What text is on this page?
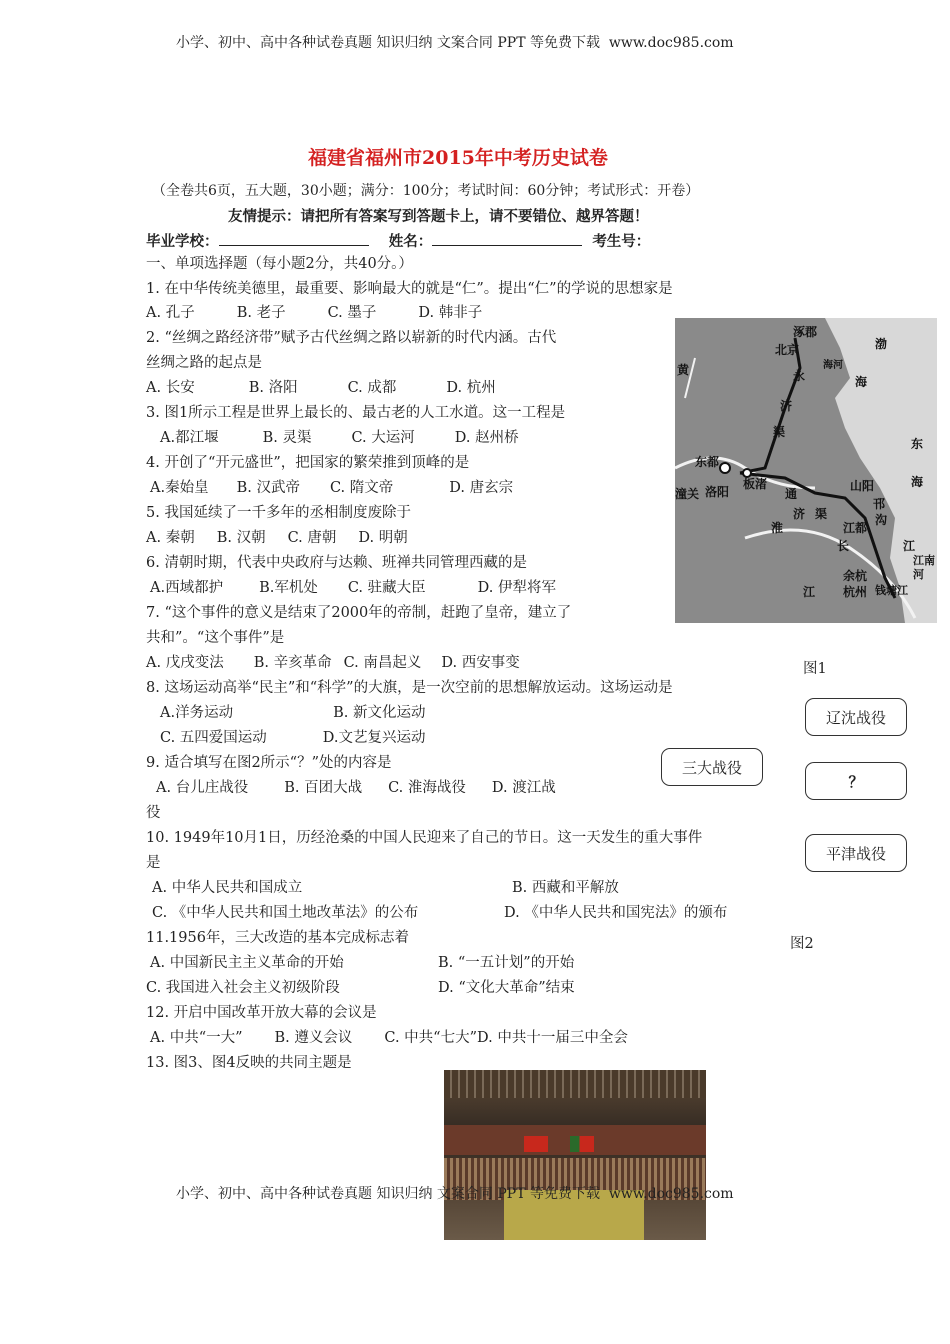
小学、初中、高中各种试卷真题 知识归纳 文案合同 PPT 等免费下载 www.doc985.com
福建省福州市2015年中考历史试卷
（全卷共6页，五大题，30小题；满分：100分；考试时间：60分钟；考试形式：开卷）
友情提示：请把所有答案写到答题卡上，请不要错位、越界答题！
毕业学校：	姓名：	考生号：
一、单项选择题（每小题2分，共40分。）
1. 在中华传统美德里，最重要、影响最大的就是“仁”。提出“仁”的学说的思想家是
A. 孔子	B. 老子	C. 墨子	D. 韩非子
2. “丝绸之路经济带”赋予古代丝绸之路以崭新的时代内涵。古代
丝绸之路的起点是
A. 长安	B. 洛阳	C. 成都	D. 杭州
3. 图1所示工程是世界上最长的、最古老的人工水道。这一工程是
A.都江堰	B. 灵渠	C. 大运河	D. 赵州桥
4. 开创了“开元盛世”，把国家的繁荣推到顶峰的是
A.秦始皇 B. 汉武帝 C. 隋文帝	D. 唐玄宗
5. 我国延续了一千多年的丞相制度废除于
A. 秦朝 B. 汉朝 C. 唐朝 D. 明朝
6. 清朝时期，代表中央政府与达赖、班禅共同管理西藏的是
A.西域都护 B.军机处 C. 驻藏大臣	D. 伊犁将军
7. “这个事件的意义是结束了2000年的帝制，赶跑了皇帝，建立了
共和”。“这个事件”是
A. 戊戌变法 B. 辛亥革命 C. 南昌起义 D. 西安事变
8. 这场运动高举“民主”和“科学”的大旗，是一次空前的思想解放运动。这场运动是
A.洋务运动	B. 新文化运动
C. 五四爱国运动	D.文艺复兴运动
9. 适合填写在图2所示“？”处的内容是
A. 台儿庄战役 B. 百团大战 C. 淮海战役 D. 渡江战
役
10. 1949年10月1日，历经沧桑的中国人民迎来了自己的节日。这一天发生的重大事件
是
A. 中华人民共和国成立	B. 西藏和平解放
C. 《中华人民共和国土地改革法》的公布	D. 《中华人民共和国宪法》的颁布
11.1956年，三大改造的基本完成标志着
A. 中国新民主主义革命的开始	B. “一五计划”的开始
C. 我国进入社会主义初级阶段	D. “文化大革命”结束
12. 开启中国改革开放大幕的会议是
A. 中共“一大” B. 遵义会议 C. 中共“七大”D. 中共十一届三中全会
13. 图3、图4反映的共同主题是
涿郡
北京
永
济
渠
海河
渤
海
黄
东
海
东都
洛阳
板渚
潼关	通
济 渠
山阳
邗
沟
江都
淮
长	江
江南
河
余杭
杭州 钱塘江
江
图1
辽沈战役
三大战役
？
平津战役
图2
小学、初中、高中各种试卷真题 知识归纳 文案合同 PPT 等免费下载 www.doc985.com
